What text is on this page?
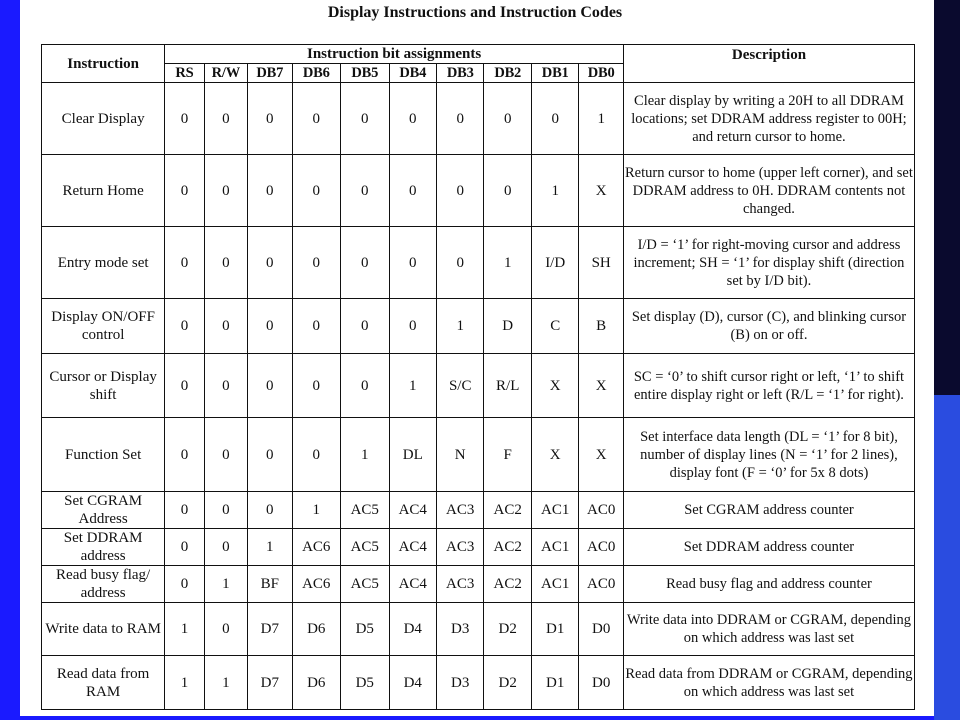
Display Instructions and Instruction Codes
Instruction	Instruction bit assignments										Description
	RS	R/W	DB7	DB6	DB5	DB4	DB3	DB2	DB1	DB0	
Clear Display	0	0	0	0	0	0	0	0	0	1	Clear display by writing a 20H to all DDRAM locations; set DDRAM address register to 00H; and return cursor to home.
Return Home	0	0	0	0	0	0	0	0	1	X	Return cursor to home (upper left corner), and set DDRAM address to 0H. DDRAM contents not changed.
Entry mode set	0	0	0	0	0	0	0	1	I/D	SH	I/D = ‘1’ for right-moving cursor and address increment; SH = ‘1’ for display shift (direction set by I/D bit).
Display ON/OFF control	0	0	0	0	0	0	1	D	C	B	Set display (D), cursor (C), and blinking cursor (B) on or off.
Cursor or Display shift	0	0	0	0	0	1	S/C	R/L	X	X	SC = ‘0’ to shift cursor right or left, ‘1’ to shift entire display right or left (R/L = ‘1’ for right).
Function Set	0	0	0	0	1	DL	N	F	X	X	Set interface data length (DL = ‘1’ for 8 bit), number of display lines (N = ‘1’ for 2 lines), display font (F = ‘0’ for 5x 8 dots)
Set CGRAM Address	0	0	0	1	AC5	AC4	AC3	AC2	AC1	AC0	Set CGRAM address counter
Set DDRAM address	0	0	1	AC6	AC5	AC4	AC3	AC2	AC1	AC0	Set DDRAM address counter
Read busy flag/ address	0	1	BF	AC6	AC5	AC4	AC3	AC2	AC1	AC0	Read busy flag and address counter
Write data to RAM	1	0	D7	D6	D5	D4	D3	D2	D1	D0	Write data into DDRAM or CGRAM, depending on which address was last set
Read data from RAM	1	1	D7	D6	D5	D4	D3	D2	D1	D0	Read data from DDRAM or CGRAM, depending on which address was last set
